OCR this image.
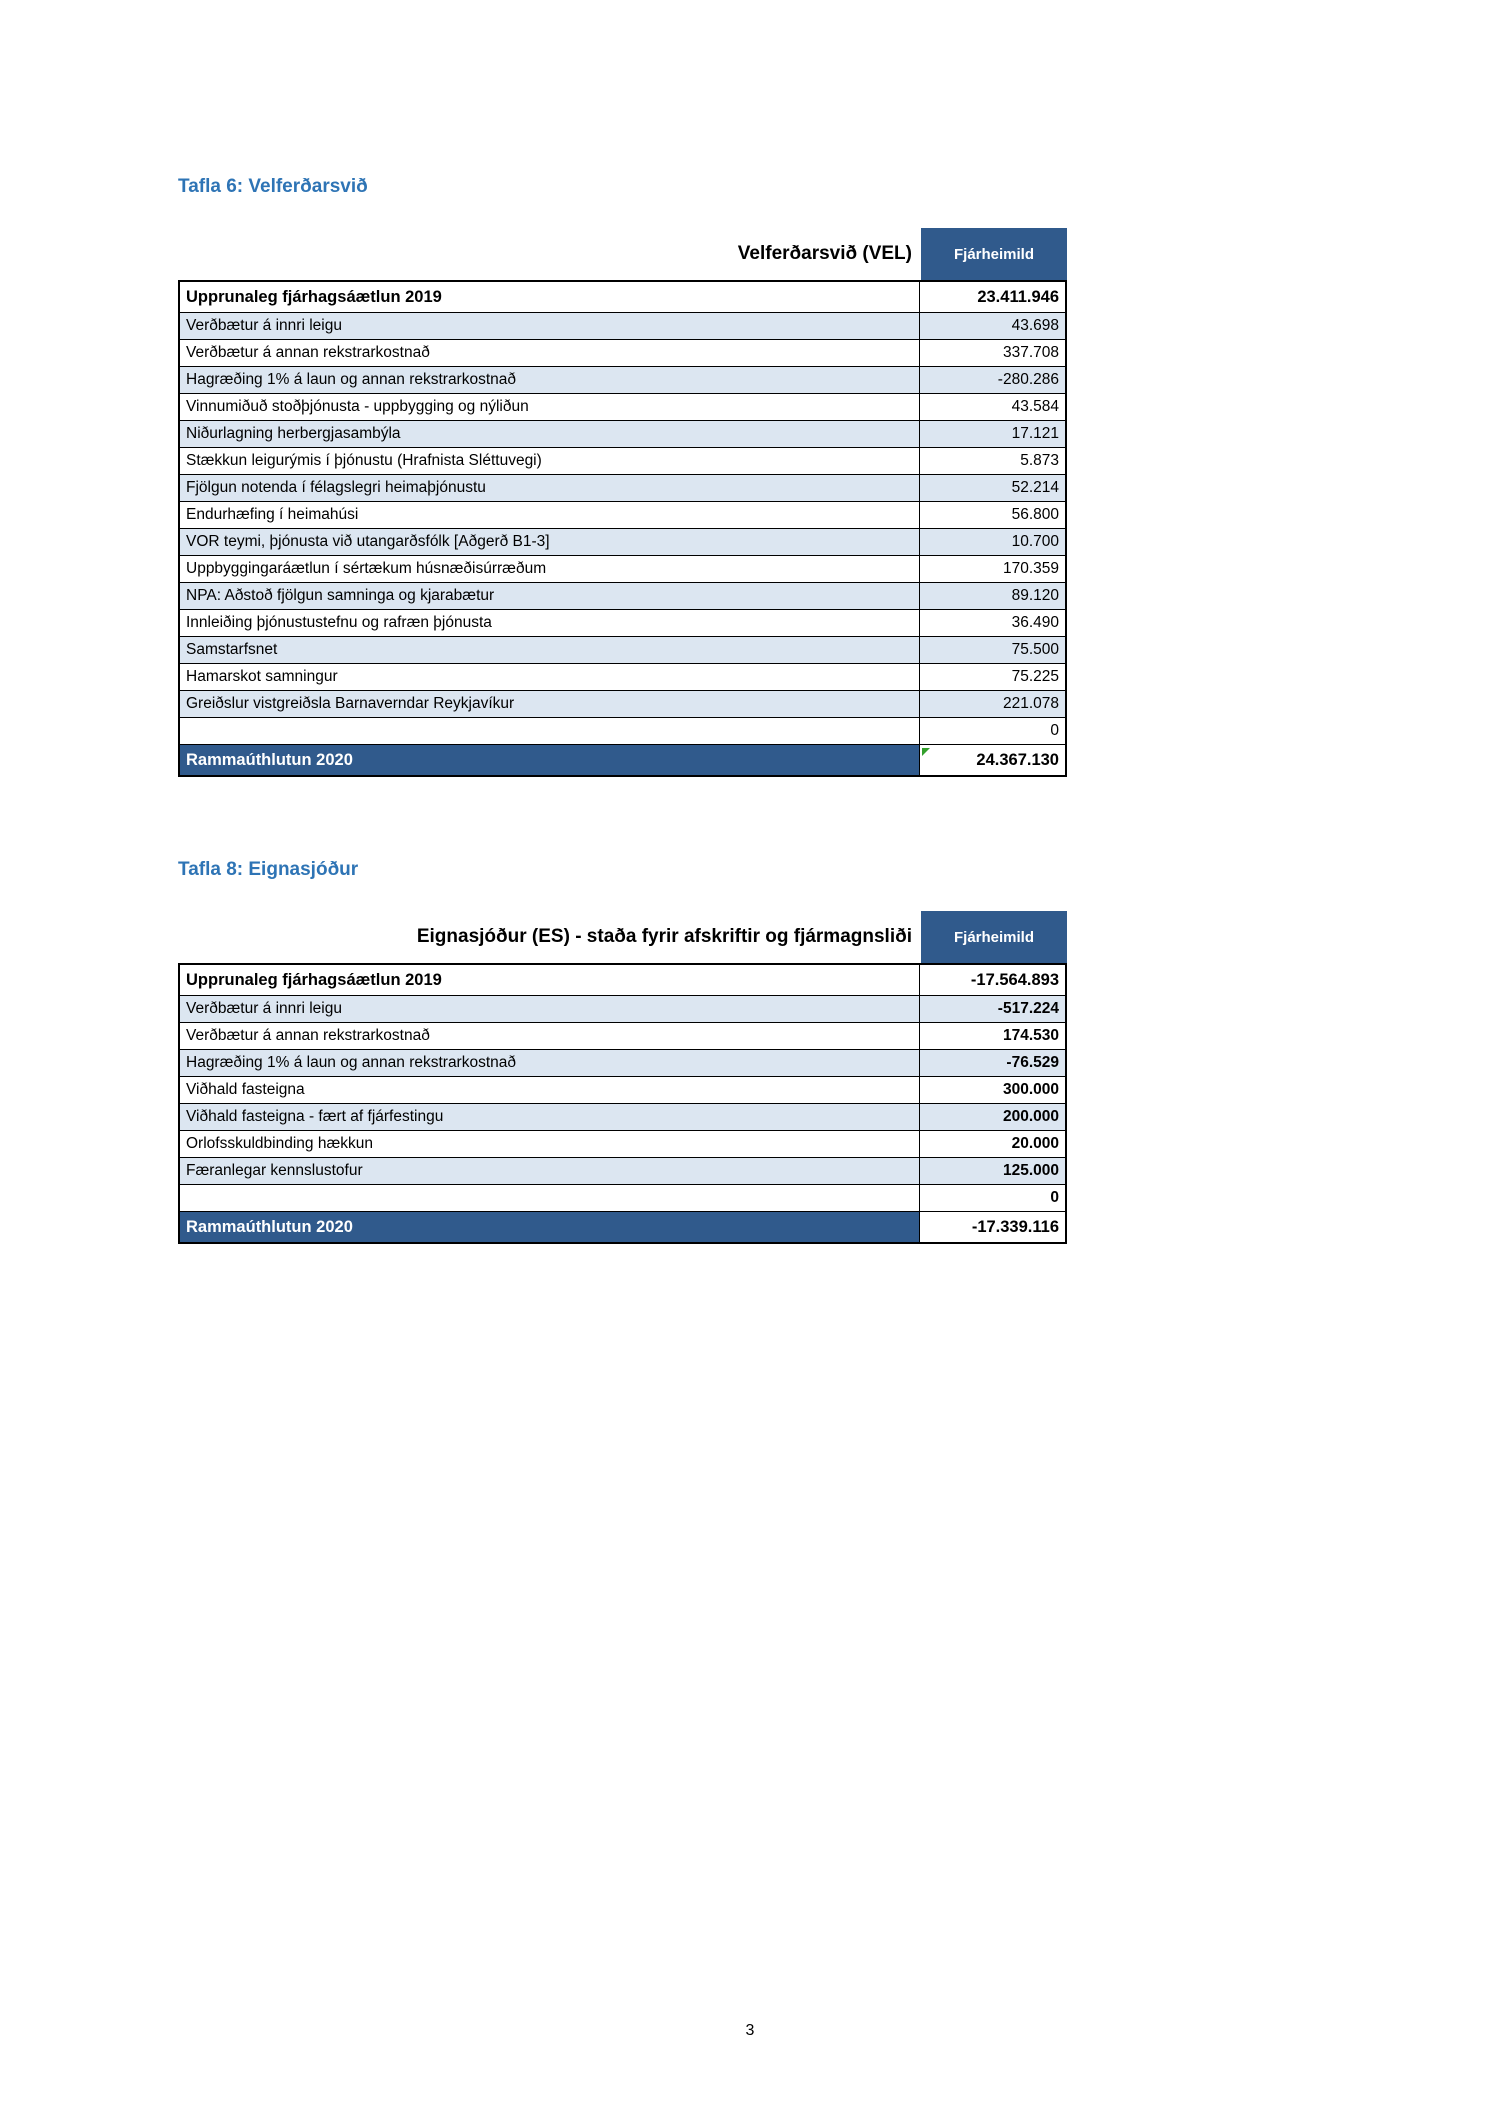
Tafla 6: Velferðarsvið
Velferðarsvið (VEL)	Fjárheimild
Upprunaleg fjárhagsáætlun 2019	23.411.946
Verðbætur á innri leigu	43.698
Verðbætur á annan rekstrarkostnað	337.708
Hagræðing 1% á laun og annan rekstrarkostnað	-280.286
Vinnumiðuð stoðþjónusta - uppbygging og nýliðun	43.584
Niðurlagning herbergjasambýla	17.121
Stækkun leigurýmis í þjónustu (Hrafnista Sléttuvegi)	5.873
Fjölgun notenda í félagslegri heimaþjónustu	52.214
Endurhæfing í heimahúsi	56.800
VOR teymi, þjónusta við utangarðsfólk [Aðgerð B1-3]	10.700
Uppbyggingaráætlun í sértækum húsnæðisúrræðum	170.359
NPA: Aðstoð fjölgun samninga og kjarabætur	89.120
Innleiðing þjónustustefnu og rafræn þjónusta	36.490
Samstarfsnet	75.500
Hamarskot samningur	75.225
Greiðslur vistgreiðsla Barnaverndar Reykjavíkur	221.078
	0
Rammaúthlutun 2020	24.367.130
Tafla 8: Eignasjóður
Eignasjóður (ES) - staða fyrir afskriftir og fjármagnsliði	Fjárheimild
Upprunaleg fjárhagsáætlun 2019	-17.564.893
Verðbætur á innri leigu	-517.224
Verðbætur á annan rekstrarkostnað	174.530
Hagræðing 1% á laun og annan rekstrarkostnað	-76.529
Viðhald fasteigna	300.000
Viðhald fasteigna - fært af fjárfestingu	200.000
Orlofsskuldbinding hækkun	20.000
Færanlegar kennslustofur	125.000
	0
Rammaúthlutun 2020	-17.339.116
3
